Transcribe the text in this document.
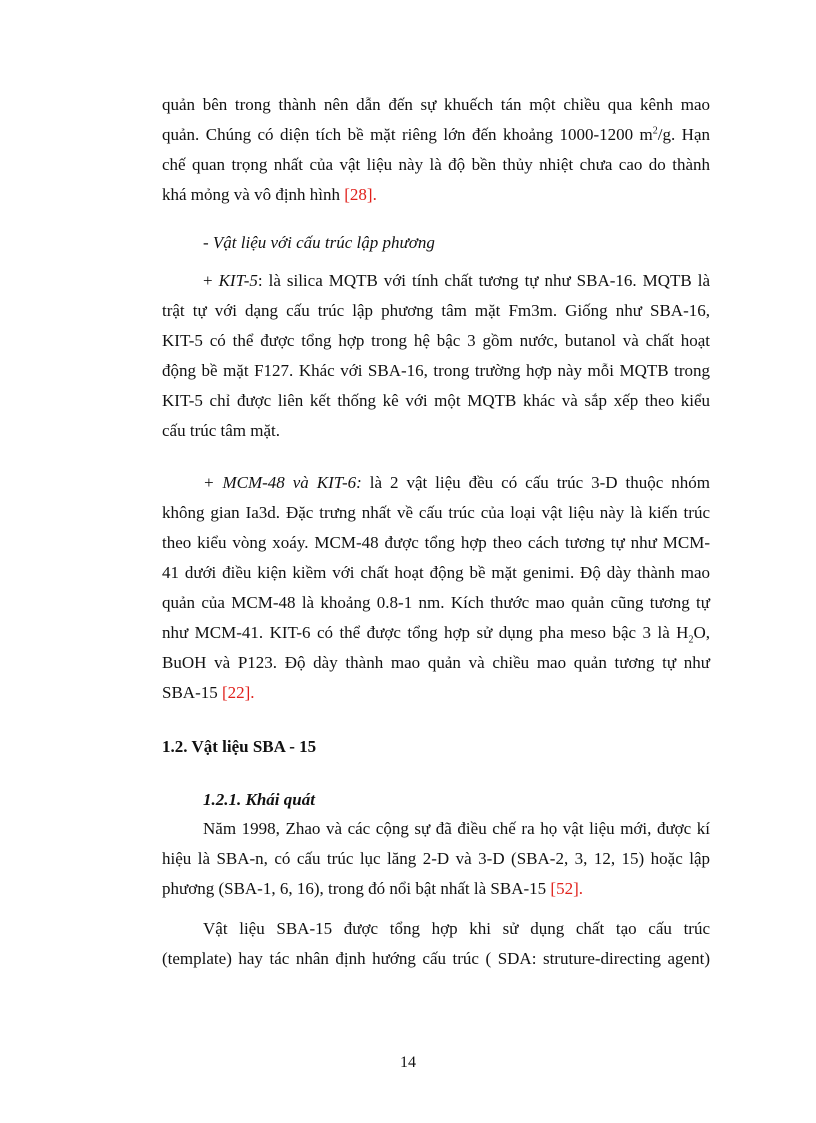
quản bên trong thành nên dẫn đến sự khuếch tán một chiều qua kênh mao
quản. Chúng có diện tích bề mặt riêng lớn đến khoảng 1000-1200 $m^2/g$. Hạn
chế quan trọng nhất của vật liệu này là độ bền thủy nhiệt chưa cao do thành
khá mỏng và vô định hình [28].
- Vật liệu với cấu trúc lập phương
+ KIT-5: là silica MQTB với tính chất tương tự như SBA-16. MQTB là
trật tự với dạng cấu trúc lập phương tâm mặt Fm3m. Giống như SBA-16,
KIT-5 có thể được tổng hợp trong hệ bậc 3 gồm nước, butanol và chất hoạt
động bề mặt F127. Khác với SBA-16, trong trường hợp này mỗi MQTB trong
KIT-5 chỉ được liên kết thống kê với một MQTB khác và sắp xếp theo kiểu
cấu trúc tâm mặt.
+ MCM-48 và KIT-6: là 2 vật liệu đều có cấu trúc 3-D thuộc nhóm
không gian Ia3d. Đặc trưng nhất về cấu trúc của loại vật liệu này là kiến trúc
theo kiểu vòng xoáy. MCM-48 được tổng hợp theo cách tương tự như MCM-
41 dưới điều kiện kiềm với chất hoạt động bề mặt genimi. Độ dày thành mao
quản của MCM-48 là khoảng 0.8-1 nm. Kích thước mao quản cũng tương tự
như MCM-41. KIT-6 có thể được tổng hợp sử dụng pha meso bậc 3 là $H_2O$,
BuOH và P123. Độ dày thành mao quản và chiều mao quản tương tự như
SBA-15 [22].
1.2. Vật liệu SBA - 15
1.2.1. Khái quát
Năm 1998, Zhao và các cộng sự đã điều chế ra họ vật liệu mới, được kí
hiệu là SBA-n, có cấu trúc lục lăng 2-D và 3-D (SBA-2, 3, 12, 15) hoặc lập
phương (SBA-1, 6, 16), trong đó nổi bật nhất là SBA-15 [52].
Vật liệu SBA-15 được tổng hợp khi sử dụng chất tạo cấu trúc
(template) hay tác nhân định hướng cấu trúc ( SDA: struture-directing agent)
14
